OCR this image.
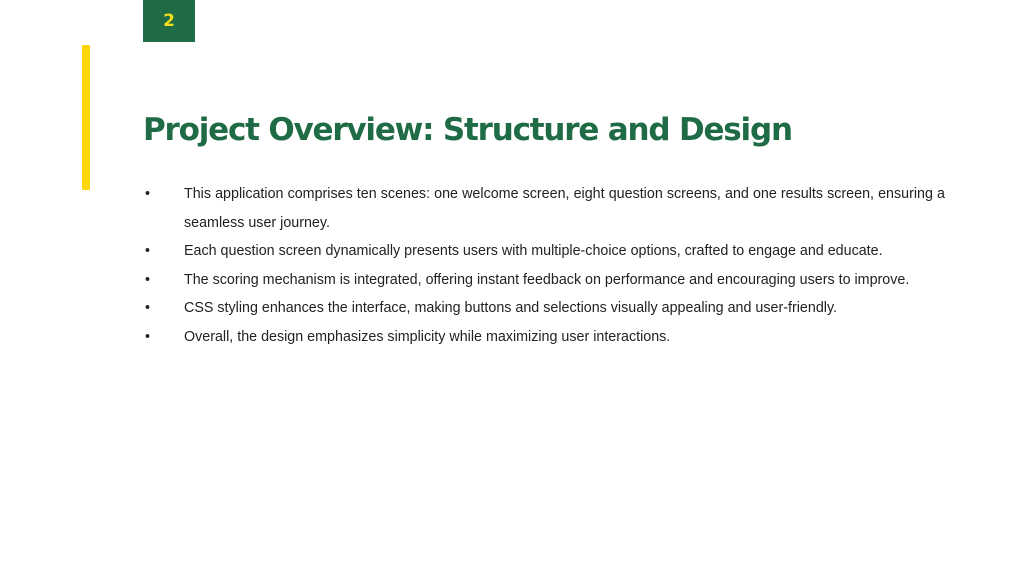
2
Project Overview: Structure and Design
•	This application comprises ten scenes: one welcome screen, eight question screens, and one results screen, ensuring a seamless user journey.
•	Each question screen dynamically presents users with multiple-choice options, crafted to engage and educate.
•	The scoring mechanism is integrated, offering instant feedback on performance and encouraging users to improve.
•	CSS styling enhances the interface, making buttons and selections visually appealing and user-friendly.
•	Overall, the design emphasizes simplicity while maximizing user interactions.
